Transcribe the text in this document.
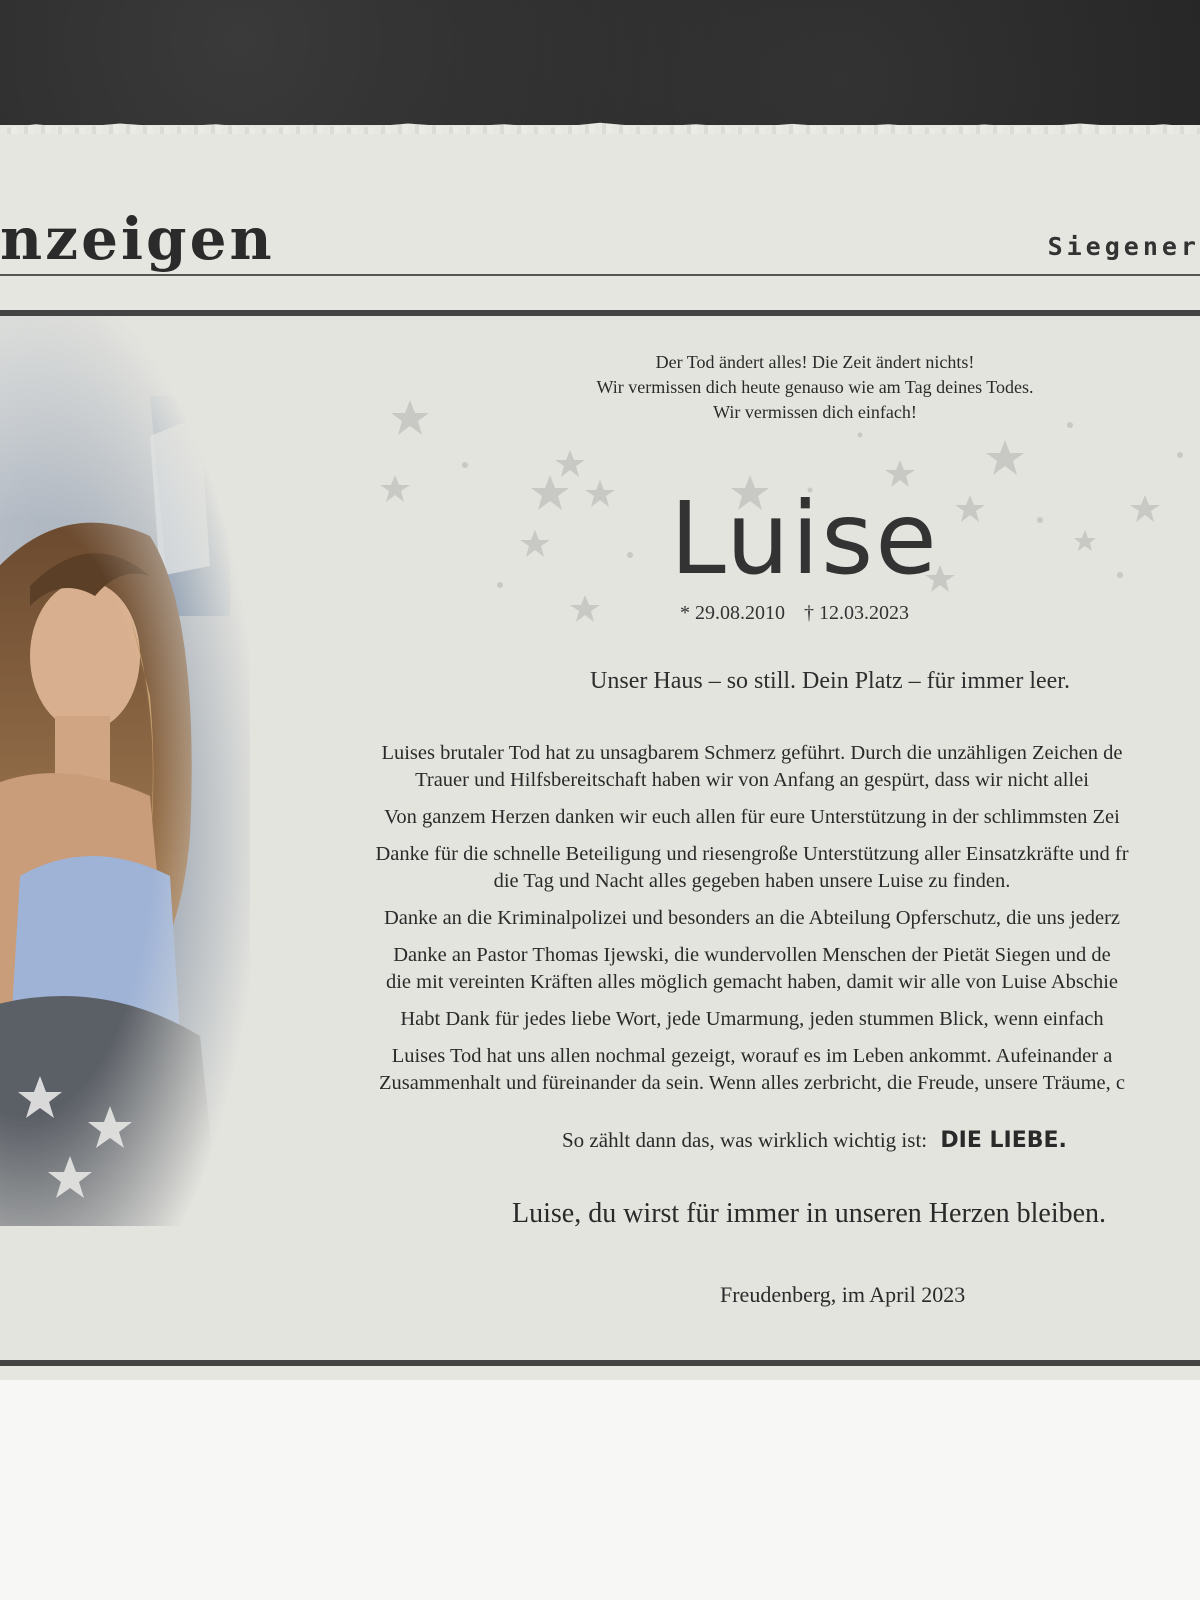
nzeigen	Siegener
Der Tod ändert alles! Die Zeit ändert nichts!
Wir vermissen dich heute genauso wie am Tag deines Todes.
Wir vermissen dich einfach!
Luise
* 29.08.2010 † 12.03.2023
Unser Haus – so still. Dein Platz – für immer leer.

Luises brutaler Tod hat zu unsagbarem Schmerz geführt. Durch die unzähligen Zeichen de
Trauer und Hilfsbereitschaft haben wir von Anfang an gespürt, dass wir nicht allei

Von ganzem Herzen danken wir euch allen für eure Unterstützung in der schlimmsten Zei

Danke für die schnelle Beteiligung und riesengroße Unterstützung aller Einsatzkräfte und fr
die Tag und Nacht alles gegeben haben unsere Luise zu finden.

Danke an die Kriminalpolizei und besonders an die Abteilung Opferschutz, die uns jederz

Danke an Pastor Thomas Ijewski, die wundervollen Menschen der Pietät Siegen und de
die mit vereinten Kräften alles möglich gemacht haben, damit wir alle von Luise Abschie

Habt Dank für jedes liebe Wort, jede Umarmung, jeden stummen Blick, wenn einfach

Luises Tod hat uns allen nochmal gezeigt, worauf es im Leben ankommt. Aufeinander a
Zusammenhalt und füreinander da sein. Wenn alles zerbricht, die Freude, unsere Träume, c

So zählt dann das, was wirklich wichtig ist: DIE LIEBE.
Luise, du wirst für immer in unseren Herzen bleiben.
Freudenberg, im April 2023
